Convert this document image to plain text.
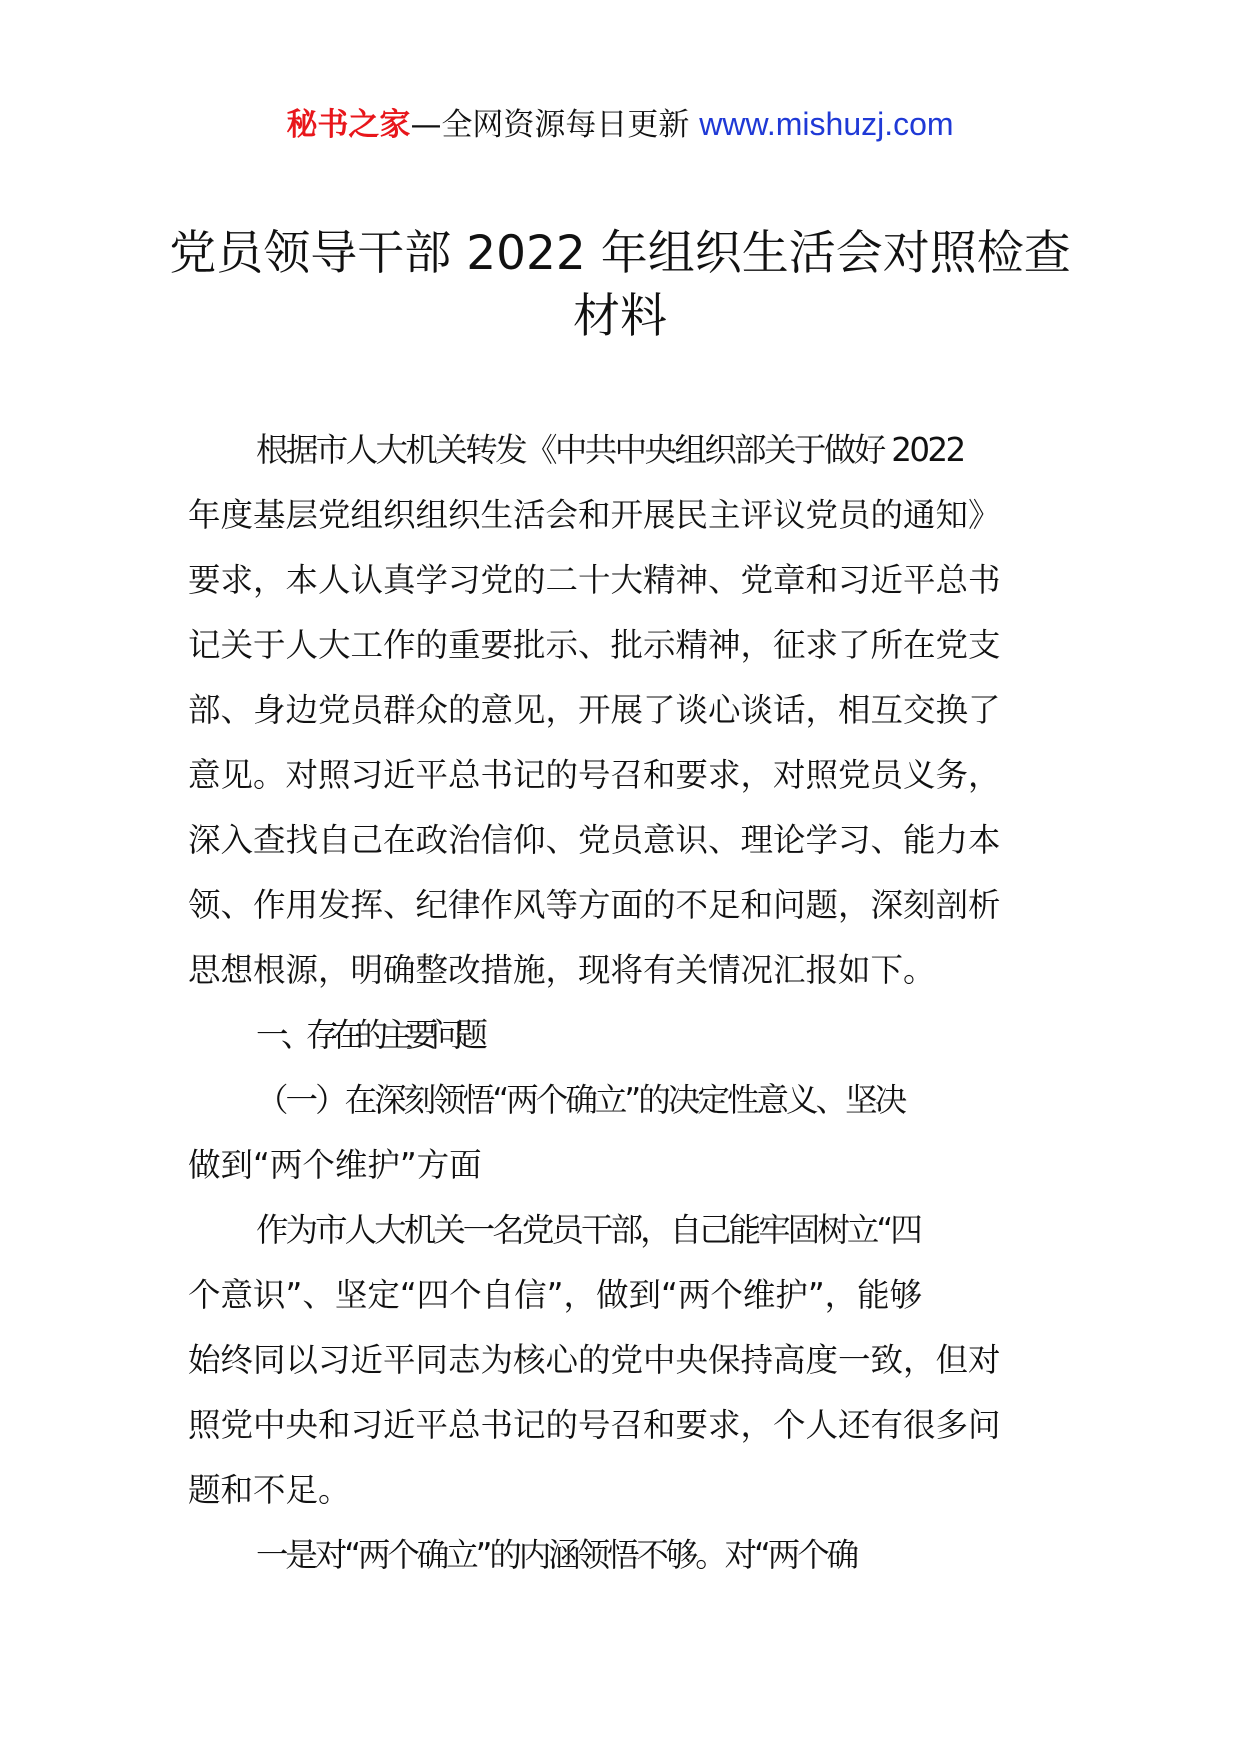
秘书之家—全网资源每日更新 www.mishuzj.com
党员领导干部 2022 年组织生活会对照检查
材料
根据市人大机关转发《中共中央组织部关于做好 2022
年度基层党组织组织生活会和开展民主评议党员的通知》
要求，本人认真学习党的二十大精神、党章和习近平总书
记关于人大工作的重要批示、批示精神，征求了所在党支
部、身边党员群众的意见，开展了谈心谈话，相互交换了
意见。对照习近平总书记的号召和要求，对照党员义务，
深入查找自己在政治信仰、党员意识、理论学习、能力本
领、作用发挥、纪律作风等方面的不足和问题，深刻剖析
思想根源，明确整改措施，现将有关情况汇报如下。
一、存在的主要问题
（一）在深刻领悟“两个确立”的决定性意义、坚决
做到“两个维护”方面
作为市人大机关一名党员干部，自己能牢固树立“四
个意识”、坚定“四个自信”，做到“两个维护”，能够
始终同以习近平同志为核心的党中央保持高度一致，但对
照党中央和习近平总书记的号召和要求，个人还有很多问
题和不足。
一是对“两个确立”的内涵领悟不够。对“两个确
